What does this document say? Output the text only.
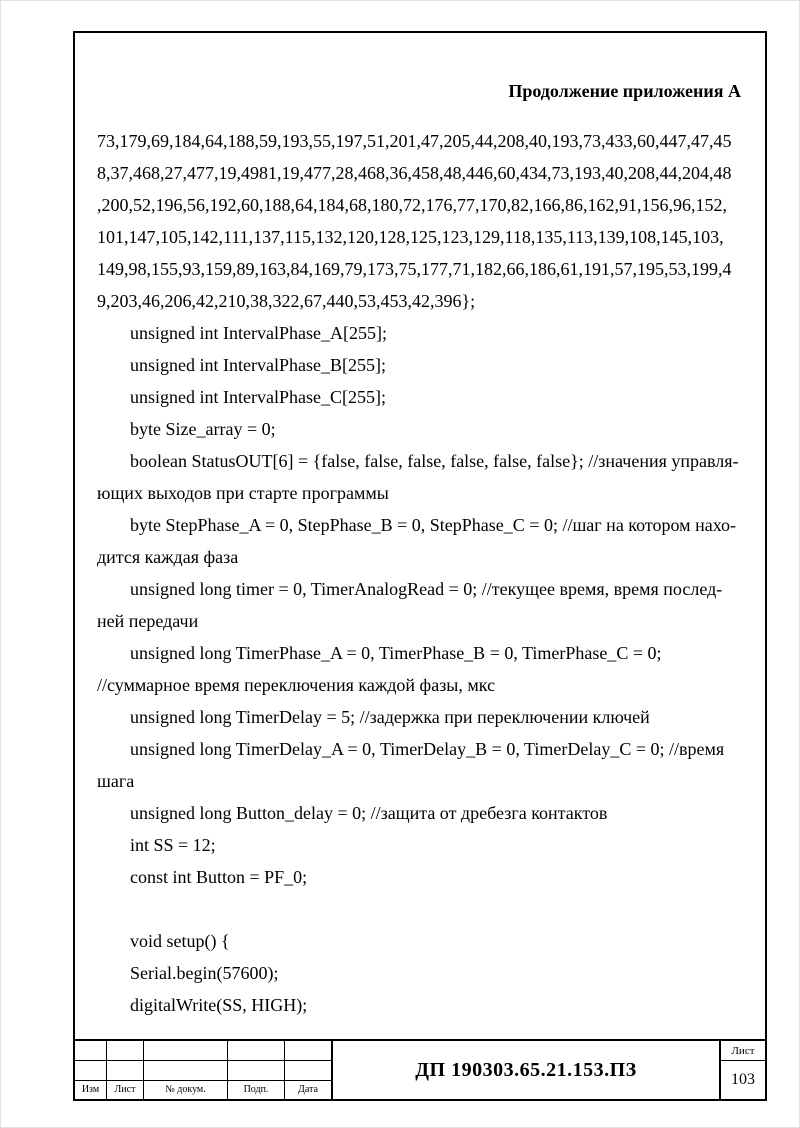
Продолжение приложения А
73,179,69,184,64,188,59,193,55,197,51,201,47,205,44,208,40,193,73,433,60,447,47,45
8,37,468,27,477,19,4981,19,477,28,468,36,458,48,446,60,434,73,193,40,208,44,204,48
,200,52,196,56,192,60,188,64,184,68,180,72,176,77,170,82,166,86,162,91,156,96,152,
101,147,105,142,111,137,115,132,120,128,125,123,129,118,135,113,139,108,145,103,
149,98,155,93,159,89,163,84,169,79,173,75,177,71,182,66,186,61,191,57,195,53,199,4
9,203,46,206,42,210,38,322,67,440,53,453,42,396};
unsigned int IntervalPhase_A[255];
unsigned int IntervalPhase_B[255];
unsigned int IntervalPhase_C[255];
byte Size_array = 0;
boolean StatusOUT[6] = {false, false, false, false, false, false}; //значения управля-
ющих выходов при старте программы
byte StepPhase_A = 0, StepPhase_B = 0, StepPhase_C = 0; //шаг на котором нахо-
дится каждая фаза
unsigned long timer = 0, TimerAnalogRead = 0; //текущее время, время послед-
ней передачи
unsigned long TimerPhase_A = 0, TimerPhase_B = 0, TimerPhase_C = 0;
//суммарное время переключения каждой фазы, мкс
unsigned long TimerDelay = 5; //задержка при переключении ключей
unsigned long TimerDelay_A = 0, TimerDelay_B = 0, TimerDelay_C = 0; //время
шага
unsigned long Button_delay = 0; //защита от дребезга контактов
int SS = 12;
const int Button = PF_0;

void setup() {
Serial.begin(57600);
digitalWrite(SS, HIGH);
Изм	Лист	№ докум.	Подп.	Дата
ДП 190303.65.21.153.ПЗ
Лист
103
